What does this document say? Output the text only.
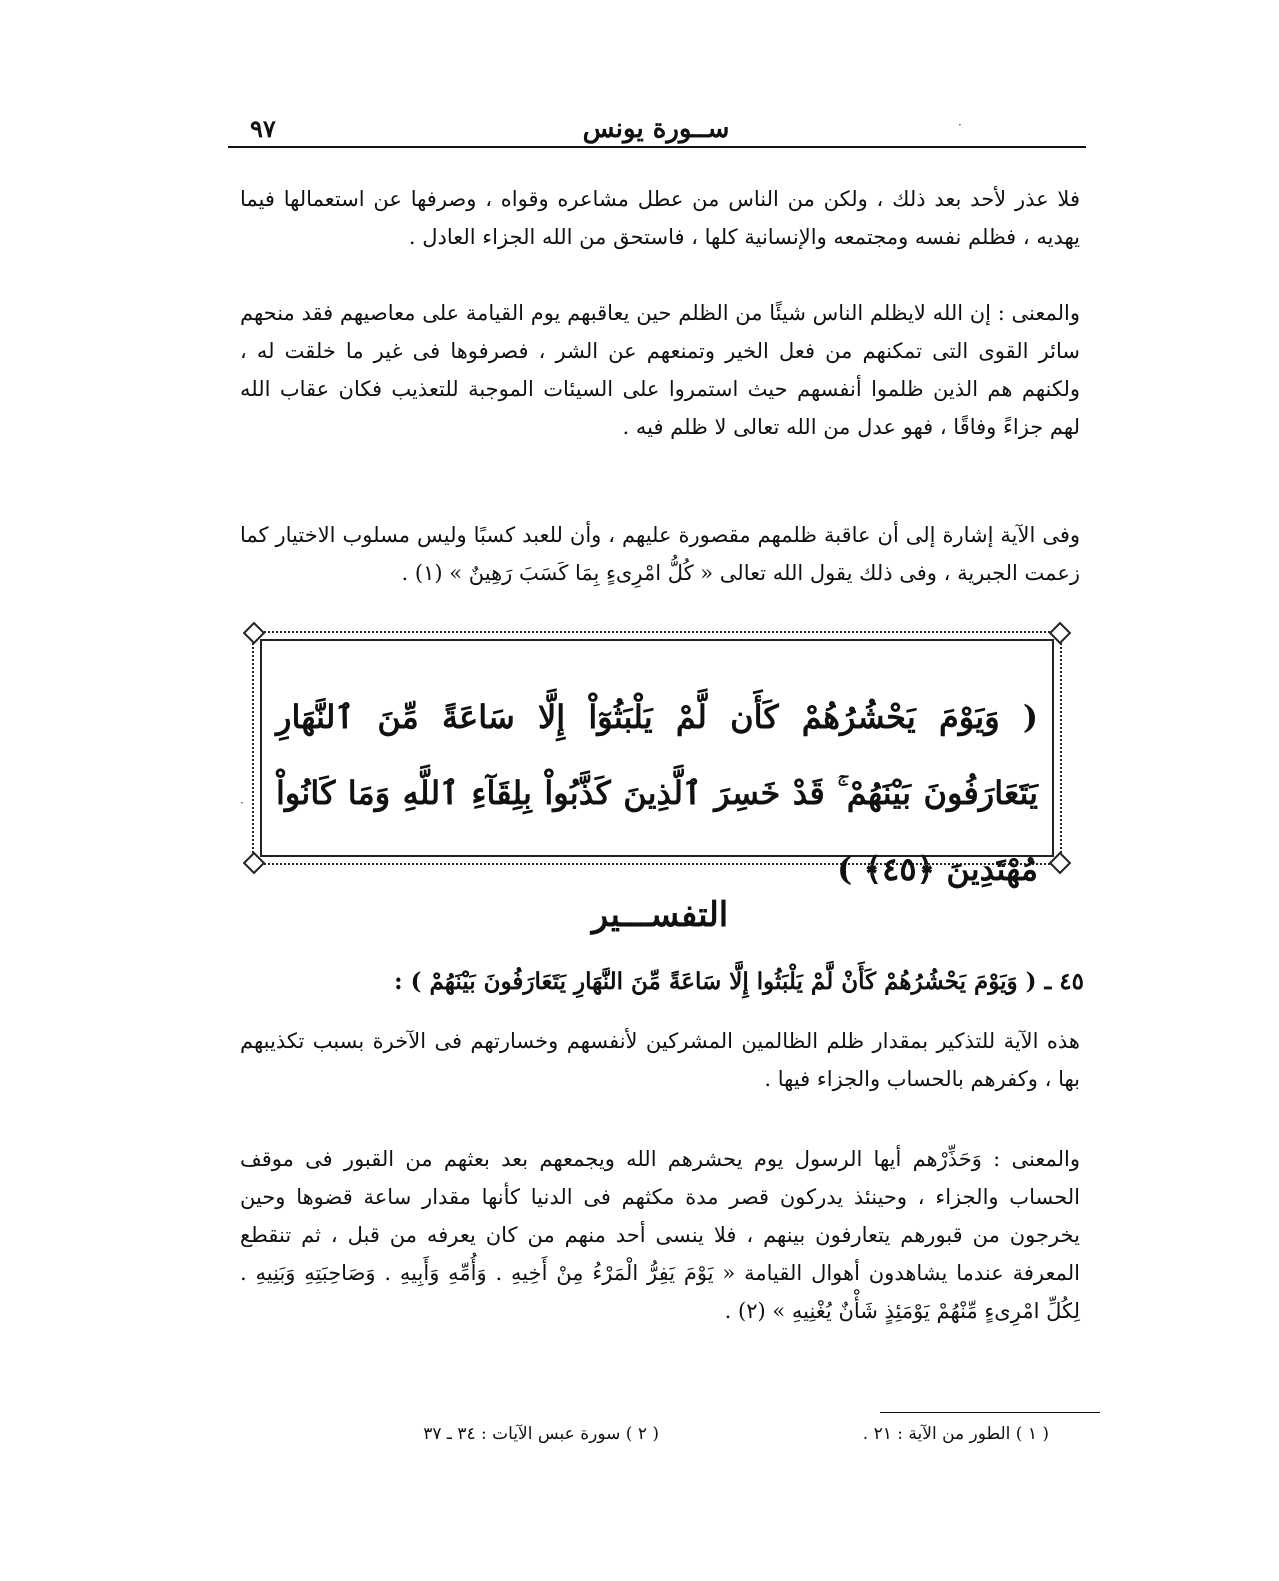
ســورة يونس
٩٧
فلا عذر لأحد بعد ذلك ، ولكن من الناس من عطل مشاعره وقواه ، وصرفها عن استعمالها فيما يهديه ، فظلم نفسه ومجتمعه والإنسانية كلها ، فاستحق من الله الجزاء العادل .
والمعنى : إن الله لايظلم الناس شيئًا من الظلم حين يعاقبهم يوم القيامة على معاصيهم فقد منحهم سائر القوى التى تمكنهم من فعل الخير وتمنعهم عن الشر ، فصرفوها فى غير ما خلقت له ، ولكنهم هم الذين ظلموا أنفسهم حيث استمروا على السيئات الموجبة للتعذيب فكان عقاب الله لهم جزاءً وفاقًا ، فهو عدل من الله تعالى لا ظلم فيه .
وفى الآية إشارة إلى أن عاقبة ظلمهم مقصورة عليهم ، وأن للعبد كسبًا وليس مسلوب الاختيار كما زعمت الجبرية ، وفى ذلك يقول الله تعالى « كُلُّ امْرِىءٍ بِمَا كَسَبَ رَهِينٌ » (١) .
( وَيَوْمَ يَحْشُرُهُمْ كَأَن لَّمْ يَلْبَثُوٓاْ إِلَّا سَاعَةً مِّنَ ٱلنَّهَارِ يَتَعَارَفُونَ بَيْنَهُمْ ۚ قَدْ خَسِرَ ٱلَّذِينَ كَذَّبُواْ بِلِقَآءِ ٱللَّهِ وَمَا كَانُواْ مُهْتَدِينَ ﴿٤٥﴾ )
التفســـير
٤٥ ـ ( وَيَوْمَ يَحْشُرُهُمْ كَأَنْ لَّمْ يَلْبَثُوا إِلَّا سَاعَةً مِّنَ النَّهَارِ يَتَعَارَفُونَ بَيْنَهُمْ ) :
هذه الآية للتذكير بمقدار ظلم الظالمين المشركين لأنفسهم وخسارتهم فى الآخرة بسبب تكذيبهم بها ، وكفرهم بالحساب والجزاء فيها .
والمعنى : وَحَذِّرْهم أيها الرسول يوم يحشرهم الله ويجمعهم بعد بعثهم من القبور فى موقف الحساب والجزاء ، وحينئذ يدركون قصر مدة مكثهم فى الدنيا كأنها مقدار ساعة قضوها وحين يخرجون من قبورهم يتعارفون بينهم ، فلا ينسى أحد منهم من كان يعرفه من قبل ، ثم تنقطع المعرفة عندما يشاهدون أهوال القيامة « يَوْمَ يَفِرُّ الْمَرْءُ مِنْ أَخِيهِ . وَأُمِّهِ وَأَبِيهِ . وَصَاحِبَتِهِ وَبَنِيهِ . لِكُلِّ امْرِىءٍ مِّنْهُمْ يَوْمَئِذٍ شَأْنٌ يُغْنِيهِ » (٢) .
( ١ ) الطور من الآية : ٢١ .
( ٢ ) سورة عبس الآيات : ٣٤ ـ ٣٧
·
·
